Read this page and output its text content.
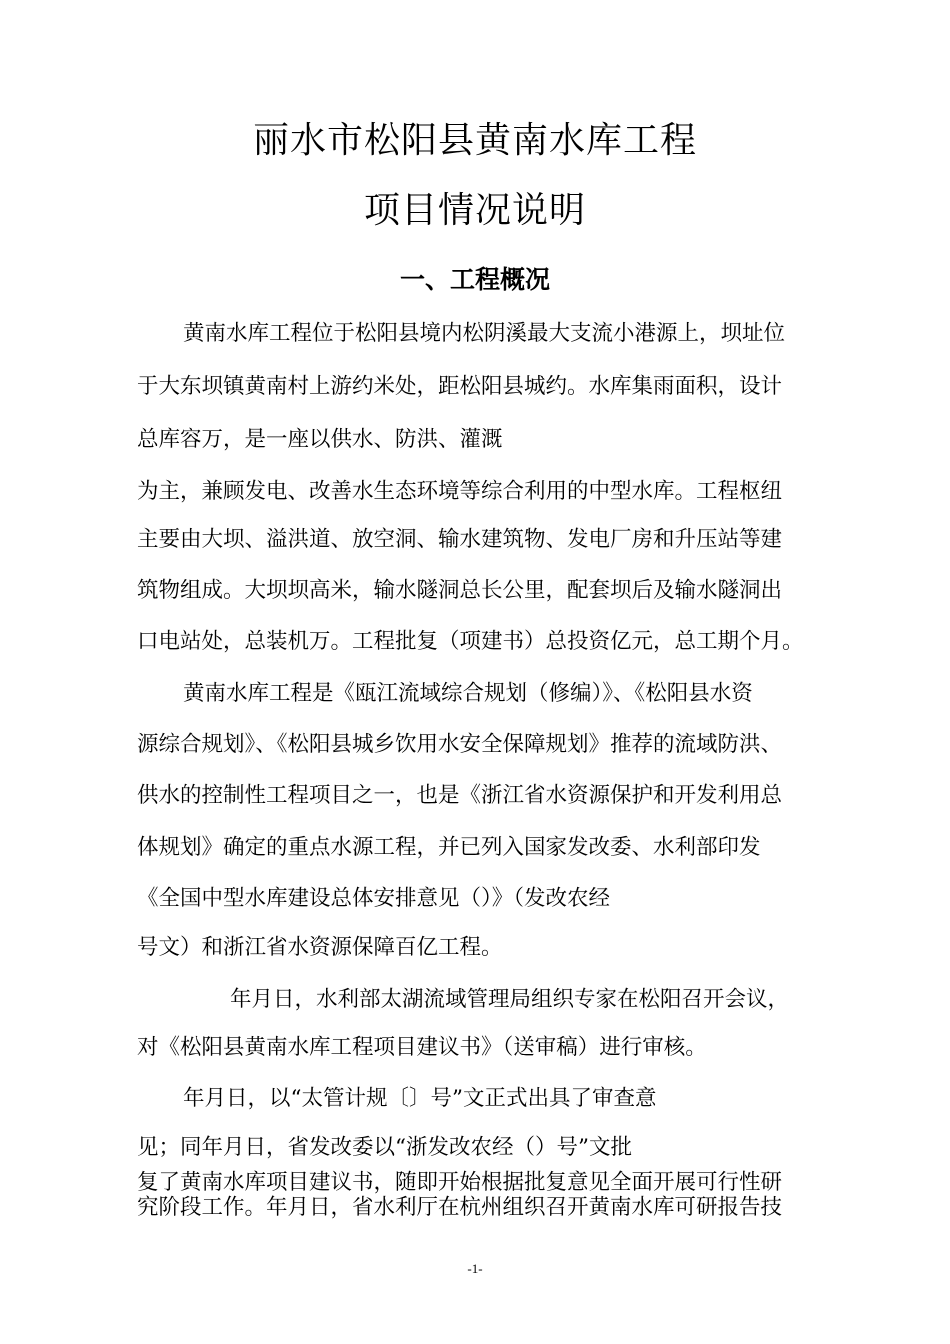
丽水市松阳县黄南水库工程
项目情况说明
一、工程概况
黄南水库工程位于松阳县境内松阴溪最大支流小港源上，坝址位
于大东坝镇黄南村上游约米处，距松阳县城约。水库集雨面积，设计
总库容万，是一座以供水、防洪、灌溉
为主，兼顾发电、改善水生态环境等综合利用的中型水库。工程枢纽
主要由大坝、溢洪道、放空洞、输水建筑物、发电厂房和升压站等建
筑物组成。大坝坝高米，输水隧洞总长公里，配套坝后及输水隧洞出
口电站处，总装机万。工程批复（项建书）总投资亿元，总工期个月。
黄南水库工程是《瓯江流域综合规划（修编）》、《松阳县水资
源综合规划》、《松阳县城乡饮用水安全保障规划》推荐的流域防洪、
供水的控制性工程项目之一，也是《浙江省水资源保护和开发利用总
体规划》确定的重点水源工程，并已列入国家发改委、水利部印发
《全国中型水库建设总体安排意见（）》（发改农经
号文）和浙江省水资源保障百亿工程。
年月日，水利部太湖流域管理局组织专家在松阳召开会议，
对《松阳县黄南水库工程项目建议书》（送审稿）进行审核。
年月日，以“太管计规〔〕号”文正式出具了审查意
见；同年月日，省发改委以“浙发改农经（）号”文批
复了黄南水库项目建议书，随即开始根据批复意见全面开展可行性研
究阶段工作。年月日，省水利厅在杭州组织召开黄南水库可研报告技
-1-
